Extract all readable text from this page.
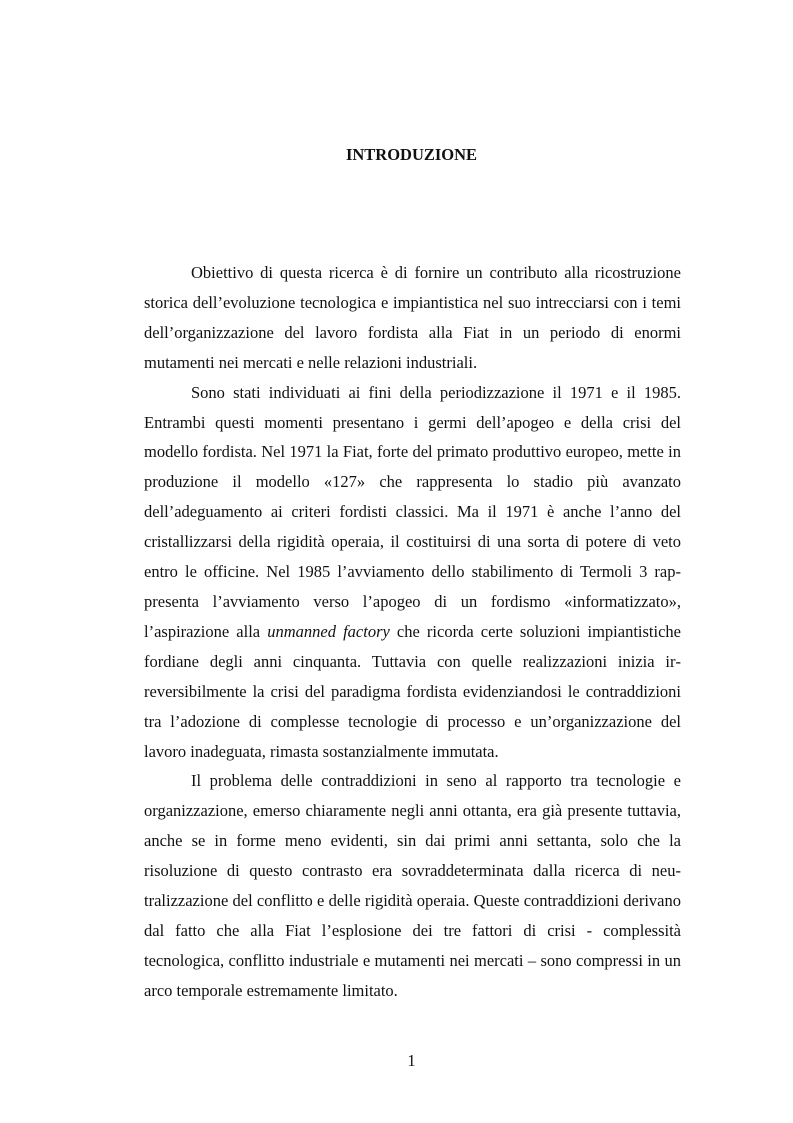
INTRODUZIONE

Obiettivo di questa ricerca è di fornire un contributo alla ricostruzione storica dell’evoluzione tecnologica e impiantistica nel suo intrecciarsi con i temi dell’organizzazione del lavoro fordista alla Fiat in un periodo di enormi mutamenti nei mercati e nelle relazioni industriali.

Sono stati individuati ai fini della periodizzazione il 1971 e il 1985. Entrambi questi momenti presentano i germi dell’apogeo e della crisi del modello fordista. Nel 1971 la Fiat, forte del primato produttivo europeo, mette in produzione il modello «127» che rappresenta lo stadio più avanzato dell’adeguamento ai criteri fordisti classici. Ma il 1971 è anche l’anno del cristallizzarsi della rigidità operaia, il costituirsi di una sorta di potere di veto entro le officine. Nel 1985 l’avviamento dello stabilimento di Termoli 3 rappresenta l’avviamento verso l’apogeo di un fordismo «informatizzato», l’aspirazione alla unmanned factory che ricorda certe soluzioni impiantistiche fordiane degli anni cinquanta. Tuttavia con quelle realizzazioni inizia irreversibilmente la crisi del paradigma fordista evidenziandosi le contraddizioni tra l’adozione di complesse tecnologie di processo e un’organizzazione del lavoro inadeguata, rimasta sostanzialmente immutata.

Il problema delle contraddizioni in seno al rapporto tra tecnologie e organizzazione, emerso chiaramente negli anni ottanta, era già presente tuttavia, anche se in forme meno evidenti, sin dai primi anni settanta, solo che la risoluzione di questo contrasto era sovraddeterminata dalla ricerca di neutralizzazione del conflitto e delle rigidità operaia. Queste contraddizioni derivano dal fatto che alla Fiat l’esplosione dei tre fattori di crisi - complessità tecnologica, conflitto industriale e mutamenti nei mercati – sono compressi in un arco temporale estremamente limitato.

1
